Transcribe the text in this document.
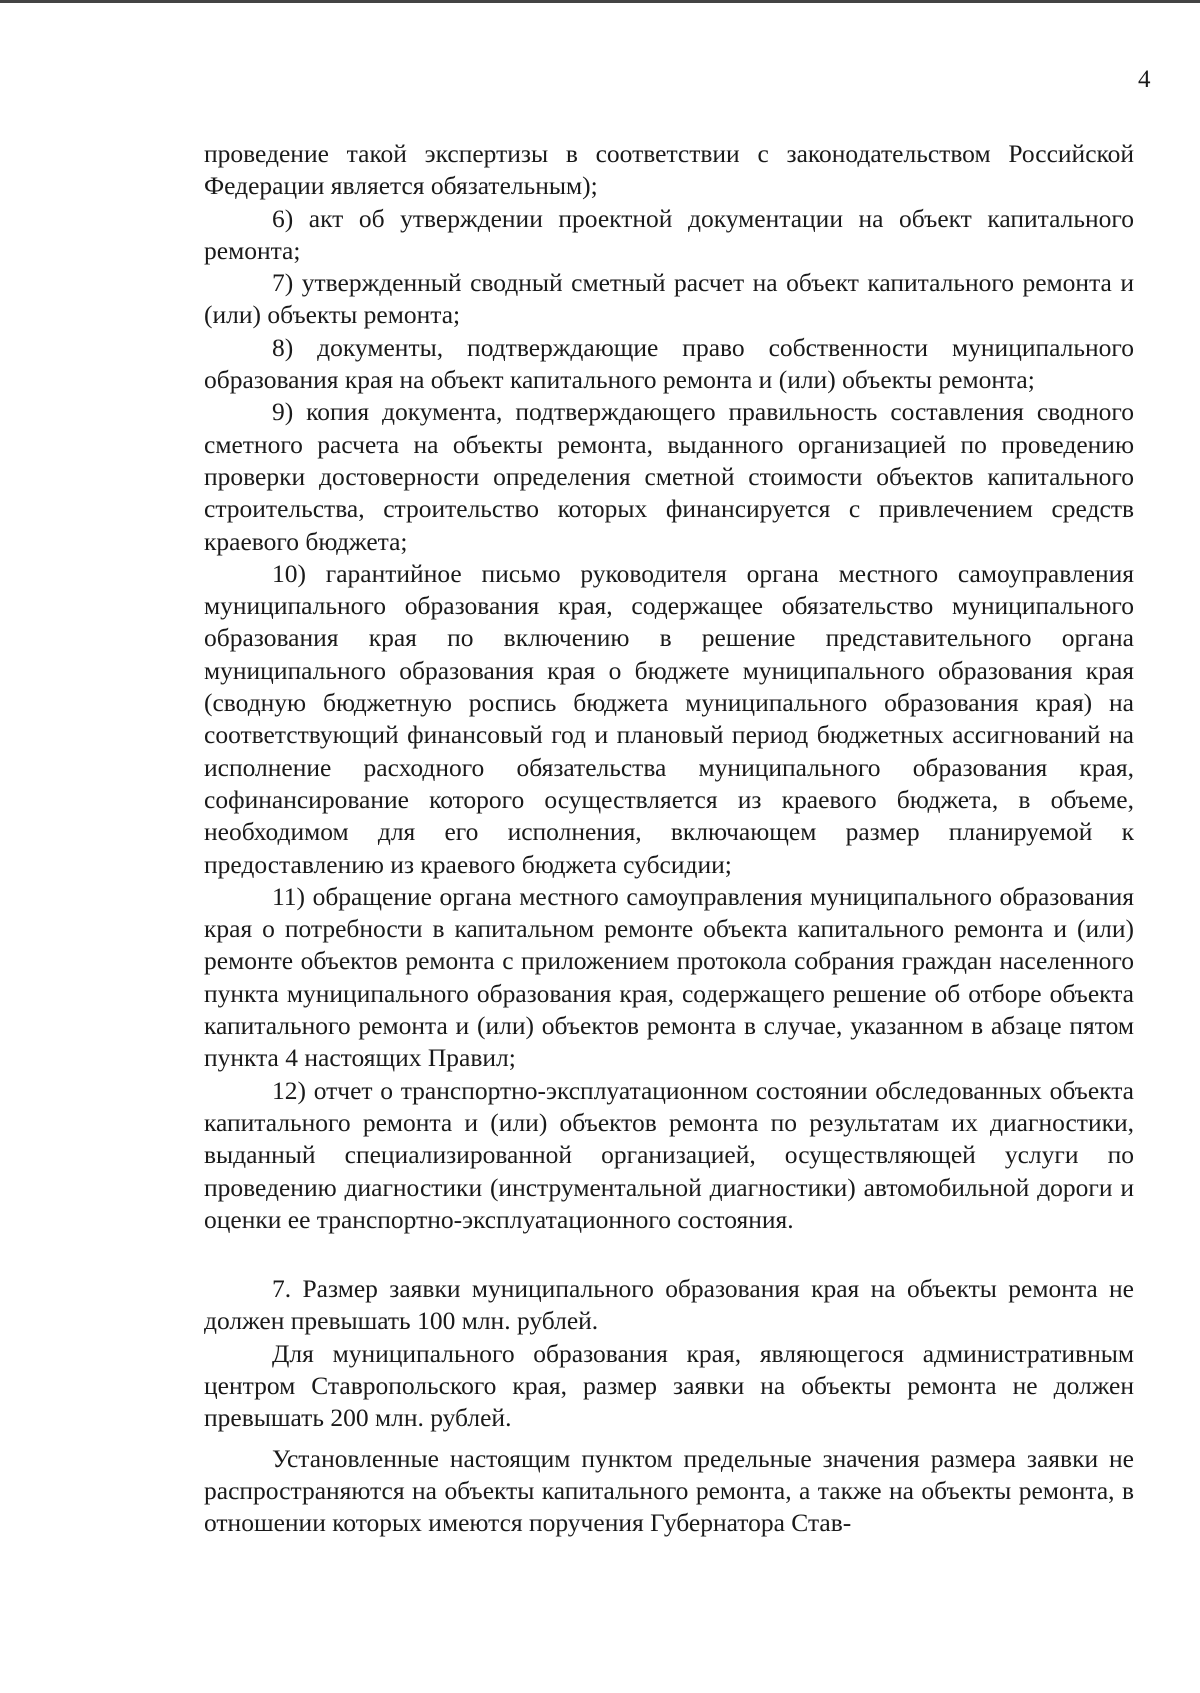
4

проведение такой экспертизы в соответствии с законодательством Российской Федерации является обязательным);

6) акт об утверждении проектной документации на объект капитального ремонта;

7) утвержденный сводный сметный расчет на объект капитального ремонта и (или) объекты ремонта;

8) документы, подтверждающие право собственности муниципального образования края на объект капитального ремонта и (или) объекты ремонта;

9) копия документа, подтверждающего правильность составления сводного сметного расчета на объекты ремонта, выданного организацией по проведению проверки достоверности определения сметной стоимости объектов капитального строительства, строительство которых финансируется с привлечением средств краевого бюджета;

10) гарантийное письмо руководителя органа местного самоуправления муниципального образования края, содержащее обязательство муниципального образования края по включению в решение представительного органа муниципального образования края о бюджете муниципального образования края (сводную бюджетную роспись бюджета муниципального образования края) на соответствующий финансовый год и плановый период бюджетных ассигнований на исполнение расходного обязательства муниципального образования края, софинансирование которого осуществляется из краевого бюджета, в объеме, необходимом для его исполнения, включающем размер планируемой к предоставлению из краевого бюджета субсидии;

11) обращение органа местного самоуправления муниципального образования края о потребности в капитальном ремонте объекта капитального ремонта и (или) ремонте объектов ремонта с приложением протокола собрания граждан населенного пункта муниципального образования края, содержащего решение об отборе объекта капитального ремонта и (или) объектов ремонта в случае, указанном в абзаце пятом пункта 4 настоящих Правил;

12) отчет о транспортно-эксплуатационном состоянии обследованных объекта капитального ремонта и (или) объектов ремонта по результатам их диагностики, выданный специализированной организацией, осуществляющей услуги по проведению диагностики (инструментальной диагностики) автомобильной дороги и оценки ее транспортно-эксплуатационного состояния.

7. Размер заявки муниципального образования края на объекты ремонта не должен превышать 100 млн. рублей.

Для муниципального образования края, являющегося административным центром Ставропольского края, размер заявки на объекты ремонта не должен превышать 200 млн. рублей.

Установленные настоящим пунктом предельные значения размера заявки не распространяются на объекты капитального ремонта, а также на объекты ремонта, в отношении которых имеются поручения Губернатора Став-
